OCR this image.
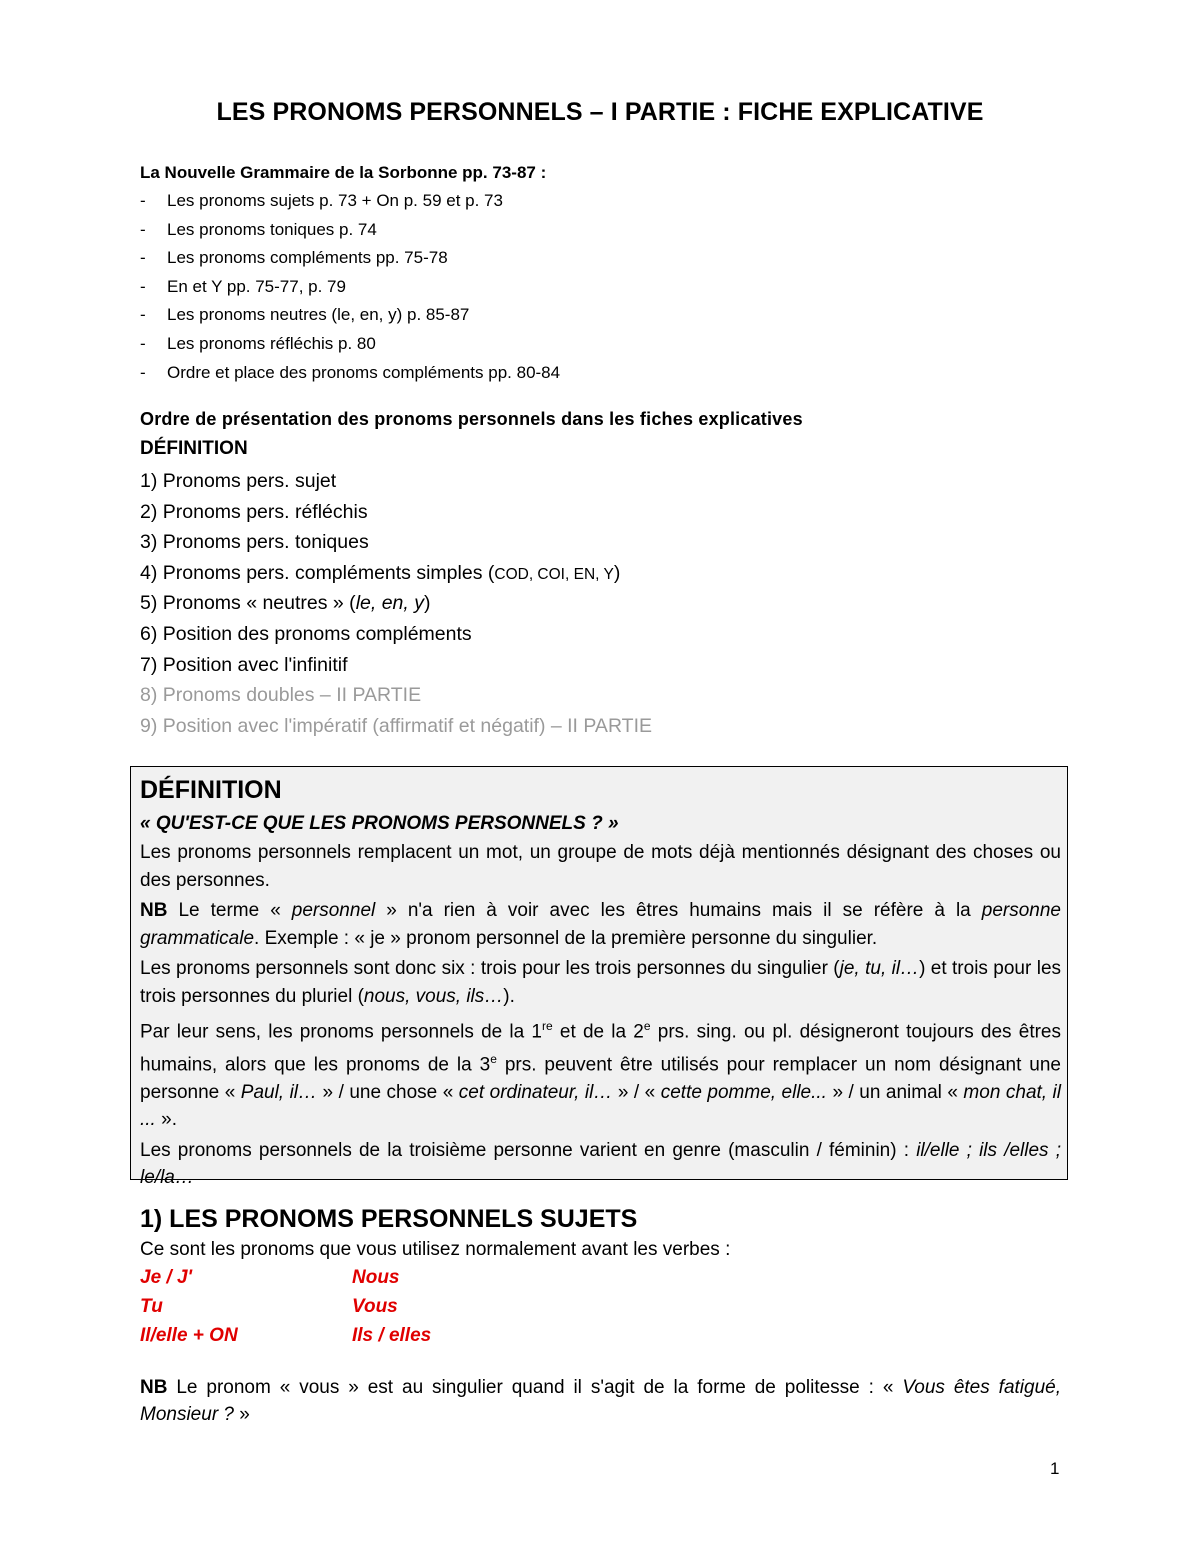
LES PRONOMS PERSONNELS – I PARTIE : FICHE EXPLICATIVE
La Nouvelle Grammaire de la Sorbonne pp. 73-87 :
- Les pronoms sujets p. 73 + On p. 59 et p. 73
- Les pronoms toniques p. 74
- Les pronoms compléments pp. 75-78
- En et Y pp. 75-77, p. 79
- Les pronoms neutres (le, en, y) p. 85-87
- Les pronoms réfléchis p. 80
- Ordre et place des pronoms compléments pp. 80-84
Ordre de présentation des pronoms personnels dans les fiches explicatives
DÉFINITION
1) Pronoms pers. sujet
2) Pronoms pers. réfléchis
3) Pronoms pers. toniques
4) Pronoms pers. compléments simples (COD, COI, EN, Y)
5) Pronoms « neutres » (le, en, y)
6) Position des pronoms compléments
7) Position avec l'infinitif
8) Pronoms doubles – II PARTIE
9) Position avec l'impératif (affirmatif et négatif) – II PARTIE
DÉFINITION
« QU'EST-CE QUE LES PRONOMS PERSONNELS ? »

Les pronoms personnels remplacent un mot, un groupe de mots déjà mentionnés désignant des choses ou des personnes.

NB Le terme « personnel » n'a rien à voir avec les êtres humains mais il se réfère à la personne grammaticale. Exemple : « je » pronom personnel de la première personne du singulier.

Les pronoms personnels sont donc six : trois pour les trois personnes du singulier (je, tu, il…) et trois pour les trois personnes du pluriel (nous, vous, ils…).

Par leur sens, les pronoms personnels de la 1re et de la 2e prs. sing. ou pl. désigneront toujours des êtres humains, alors que les pronoms de la 3e prs. peuvent être utilisés pour remplacer un nom désignant une personne « Paul, il… » / une chose « cet ordinateur, il… » / « cette pomme, elle... » / un animal « mon chat, il ... ».

Les pronoms personnels de la troisième personne varient en genre (masculin / féminin) : il/elle ; ils /elles ; le/la…

1) LES PRONOMS PERSONNELS SUJETS
Ce sont les pronoms que vous utilisez normalement avant les verbes :
Je / J'
Tu
Il/elle + ON
Nous
Vous
Ils / elles
NB Le pronom « vous » est au singulier quand il s'agit de la forme de politesse : « Vous êtes fatigué, Monsieur ? »
1
